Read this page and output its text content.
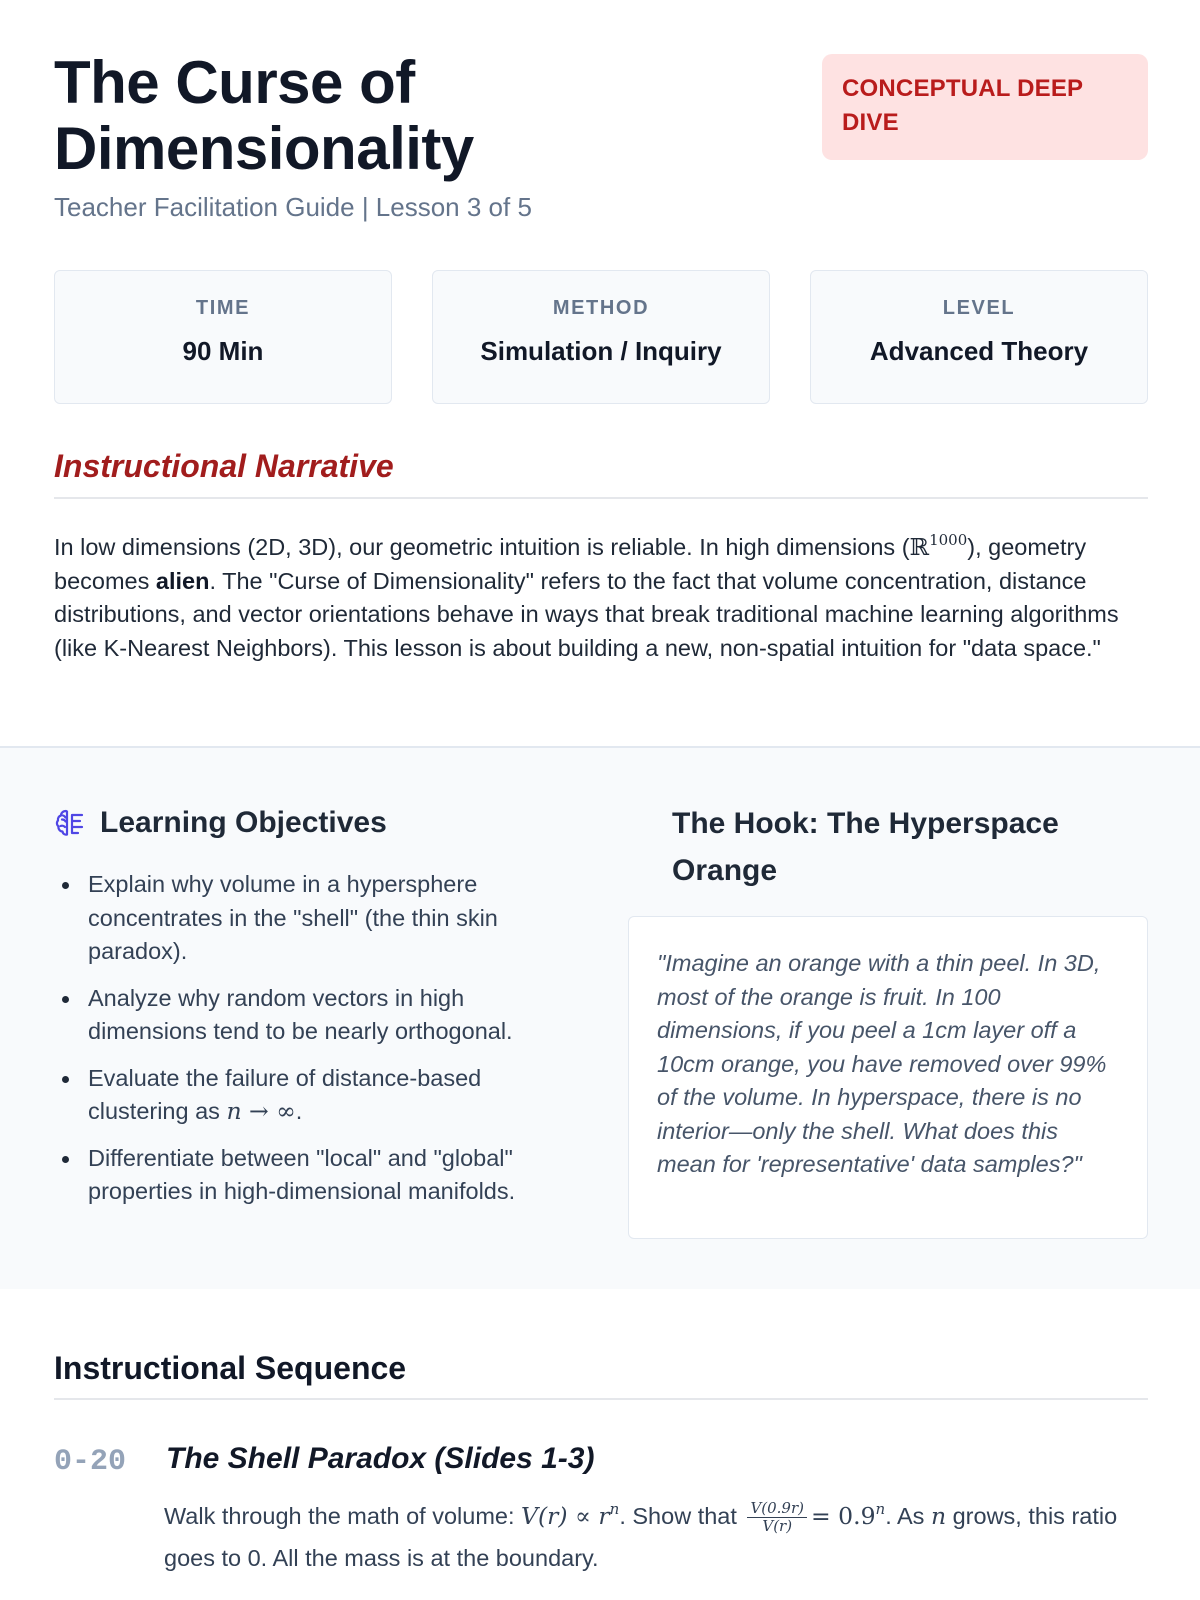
The Curse of Dimensionality
Teacher Facilitation Guide | Lesson 3 of 5
CONCEPTUAL DEEP DIVE
TIME
90 Min
METHOD
Simulation / Inquiry
LEVEL
Advanced Theory
Instructional Narrative

In low dimensions (2D, 3D), our geometric intuition is reliable. In high dimensions (ℝ$^{1000}$), geometry becomes alien. The "Curse of Dimensionality" refers to the fact that volume concentration, distance distributions, and vector orientations behave in ways that break traditional machine learning algorithms (like K-Nearest Neighbors). This lesson is about building a new, non-spatial intuition for "data space."

Learning Objectives
Explain why volume in a hypersphere concentrates in the "shell" (the thin skin paradox).
Analyze why random vectors in high dimensions tend to be nearly orthogonal.
Evaluate the failure of distance-based clustering as n → ∞.
Differentiate between "local" and "global" properties in high-dimensional manifolds.
The Hook: The Hyperspace Orange

"Imagine an orange with a thin peel. In 3D, most of the orange is fruit. In 100 dimensions, if you peel a 1cm layer off a 10cm orange, you have removed over 99% of the volume. In hyperspace, there is no interior—only the shell. What does this mean for 'representative' data samples?"

Instructional Sequence
0-20 The Shell Paradox (Slides 1-3)

Walk through the math of volume: $V(r) \propto r^n$. Show that $\frac{V(0.9r)}{V(r)} = 0.9^n$. As n grows, this ratio goes to 0. All the mass is at the boundary.
